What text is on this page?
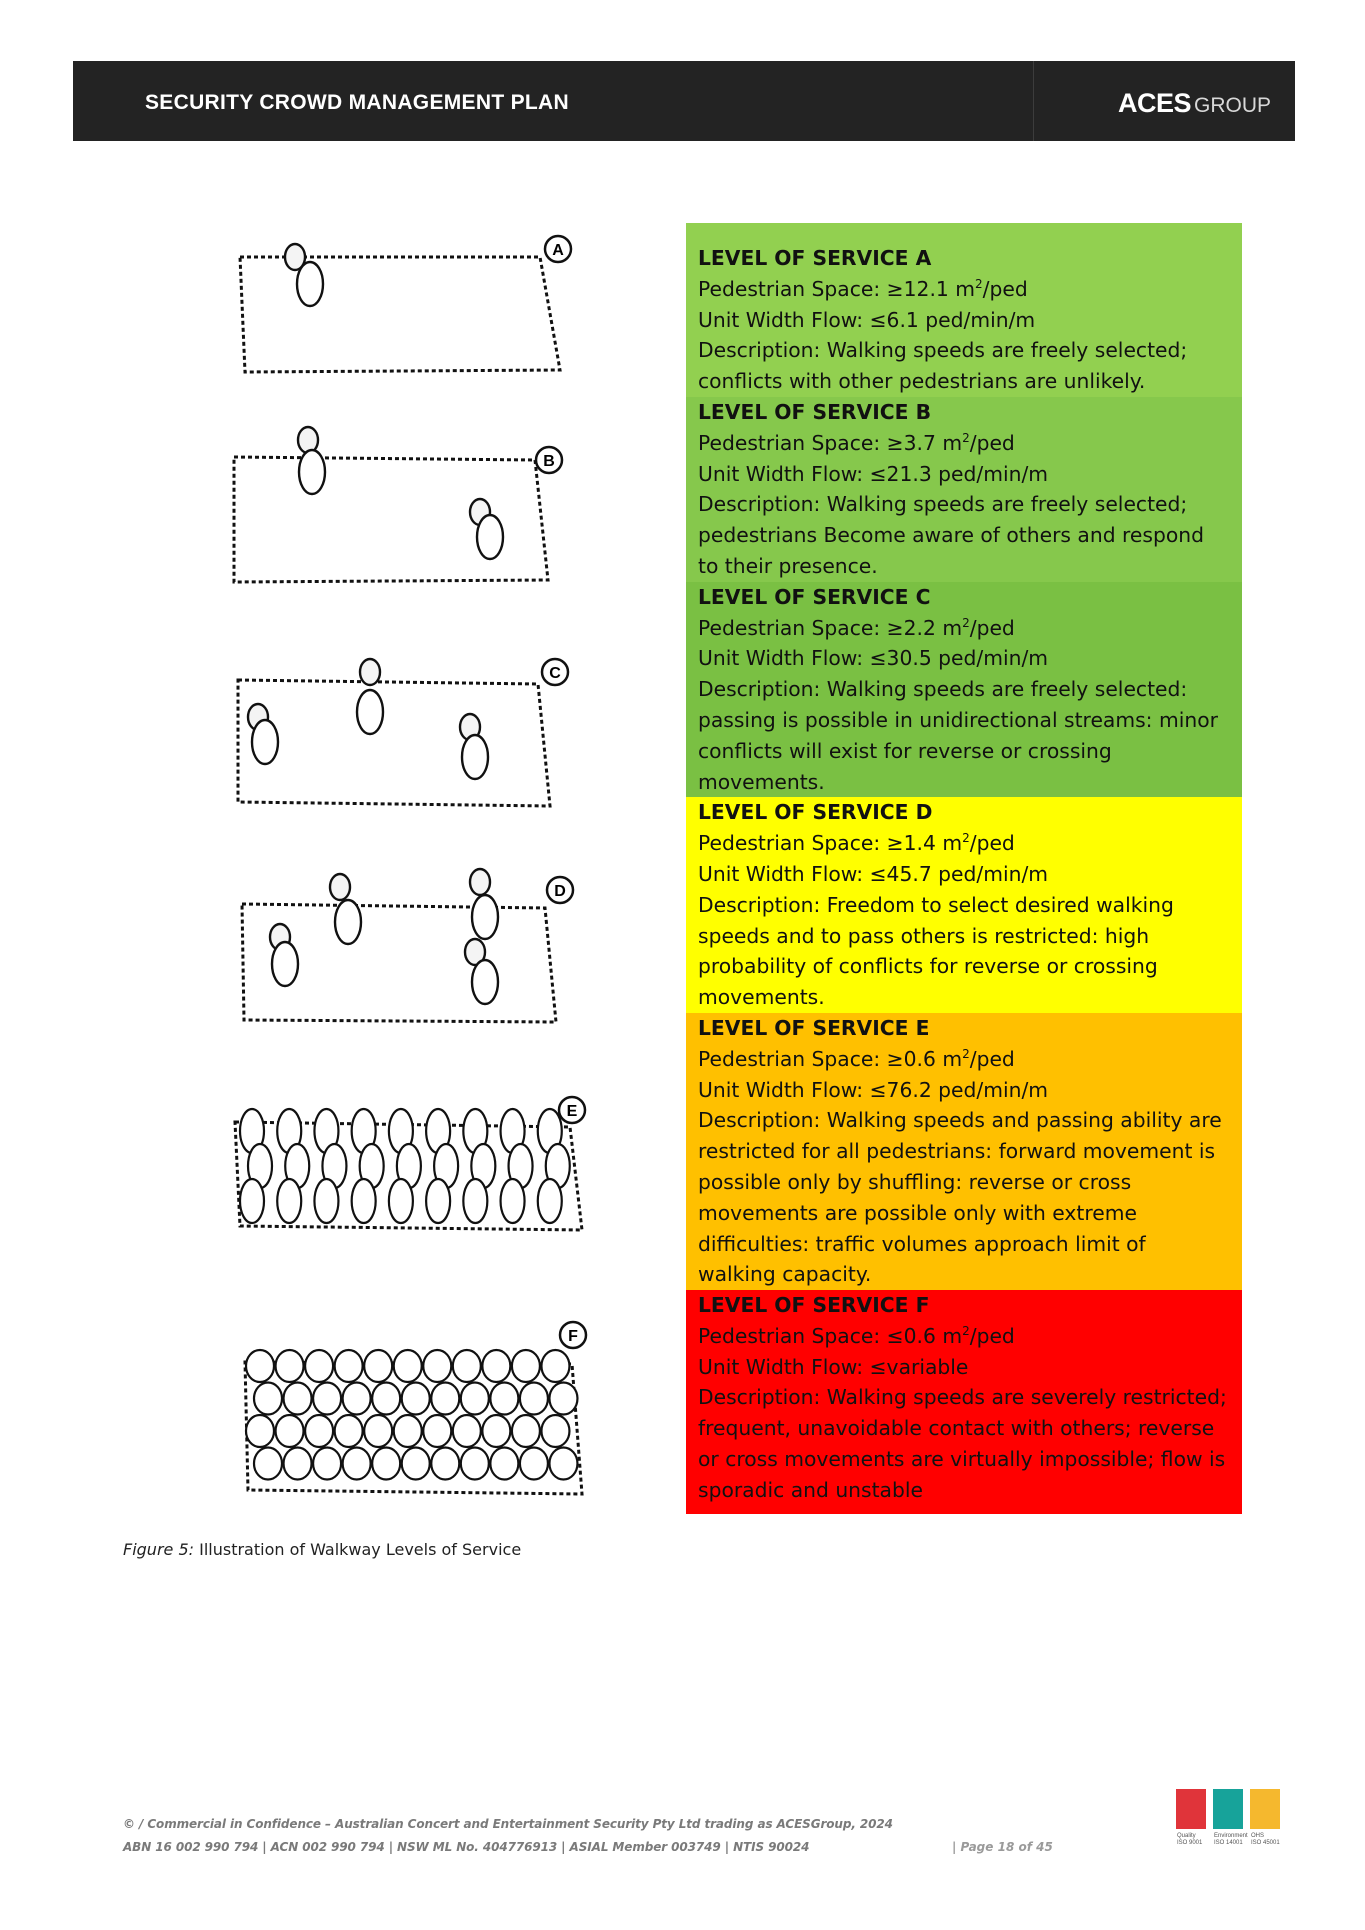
SECURITY CROWD MANAGEMENT PLAN	ACES GROUP
A
B
C
D
E
F
LEVEL OF SERVICE A
Pedestrian Space: ≥12.1 $m^2$/ped
Unit Width Flow: ≤6.1 ped/min/m
Description: Walking speeds are freely selected;
conflicts with other pedestrians are unlikely.
LEVEL OF SERVICE B
Pedestrian Space: ≥3.7 $m^2$/ped
Unit Width Flow: ≤21.3 ped/min/m
Description: Walking speeds are freely selected;
pedestrians Become aware of others and respond
to their presence.
LEVEL OF SERVICE C
Pedestrian Space: ≥2.2 $m^2$/ped
Unit Width Flow: ≤30.5 ped/min/m
Description: Walking speeds are freely selected:
passing is possible in unidirectional streams: minor
conflicts will exist for reverse or crossing
movements.
LEVEL OF SERVICE D
Pedestrian Space: ≥1.4 $m^2$/ped
Unit Width Flow: ≤45.7 ped/min/m
Description: Freedom to select desired walking
speeds and to pass others is restricted: high
probability of conflicts for reverse or crossing
movements.
LEVEL OF SERVICE E
Pedestrian Space: ≥0.6 $m^2$/ped
Unit Width Flow: ≤76.2 ped/min/m
Description: Walking speeds and passing ability are
restricted for all pedestrians: forward movement is
possible only by shuffling: reverse or cross
movements are possible only with extreme
difficulties: traffic volumes approach limit of
walking capacity.
LEVEL OF SERVICE F
Pedestrian Space: ≤0.6 $m^2$/ped
Unit Width Flow: ≤variable
Description: Walking speeds are severely restricted;
frequent, unavoidable contact with others; reverse
or cross movements are virtually impossible; flow is
sporadic and unstable
Figure 5: Illustration of Walkway Levels of Service
© / Commercial in Confidence – Australian Concert and Entertainment Security Pty Ltd trading as ACESGroup, 2024
ABN 16 002 990 794 | ACN 002 990 794 | NSW ML No. 404776913 | ASIAL Member 003749 | NTIS 90024	| Page 18 of 45
Quality
ISO 9001
Environment
ISO 14001
OHS
ISO 45001
